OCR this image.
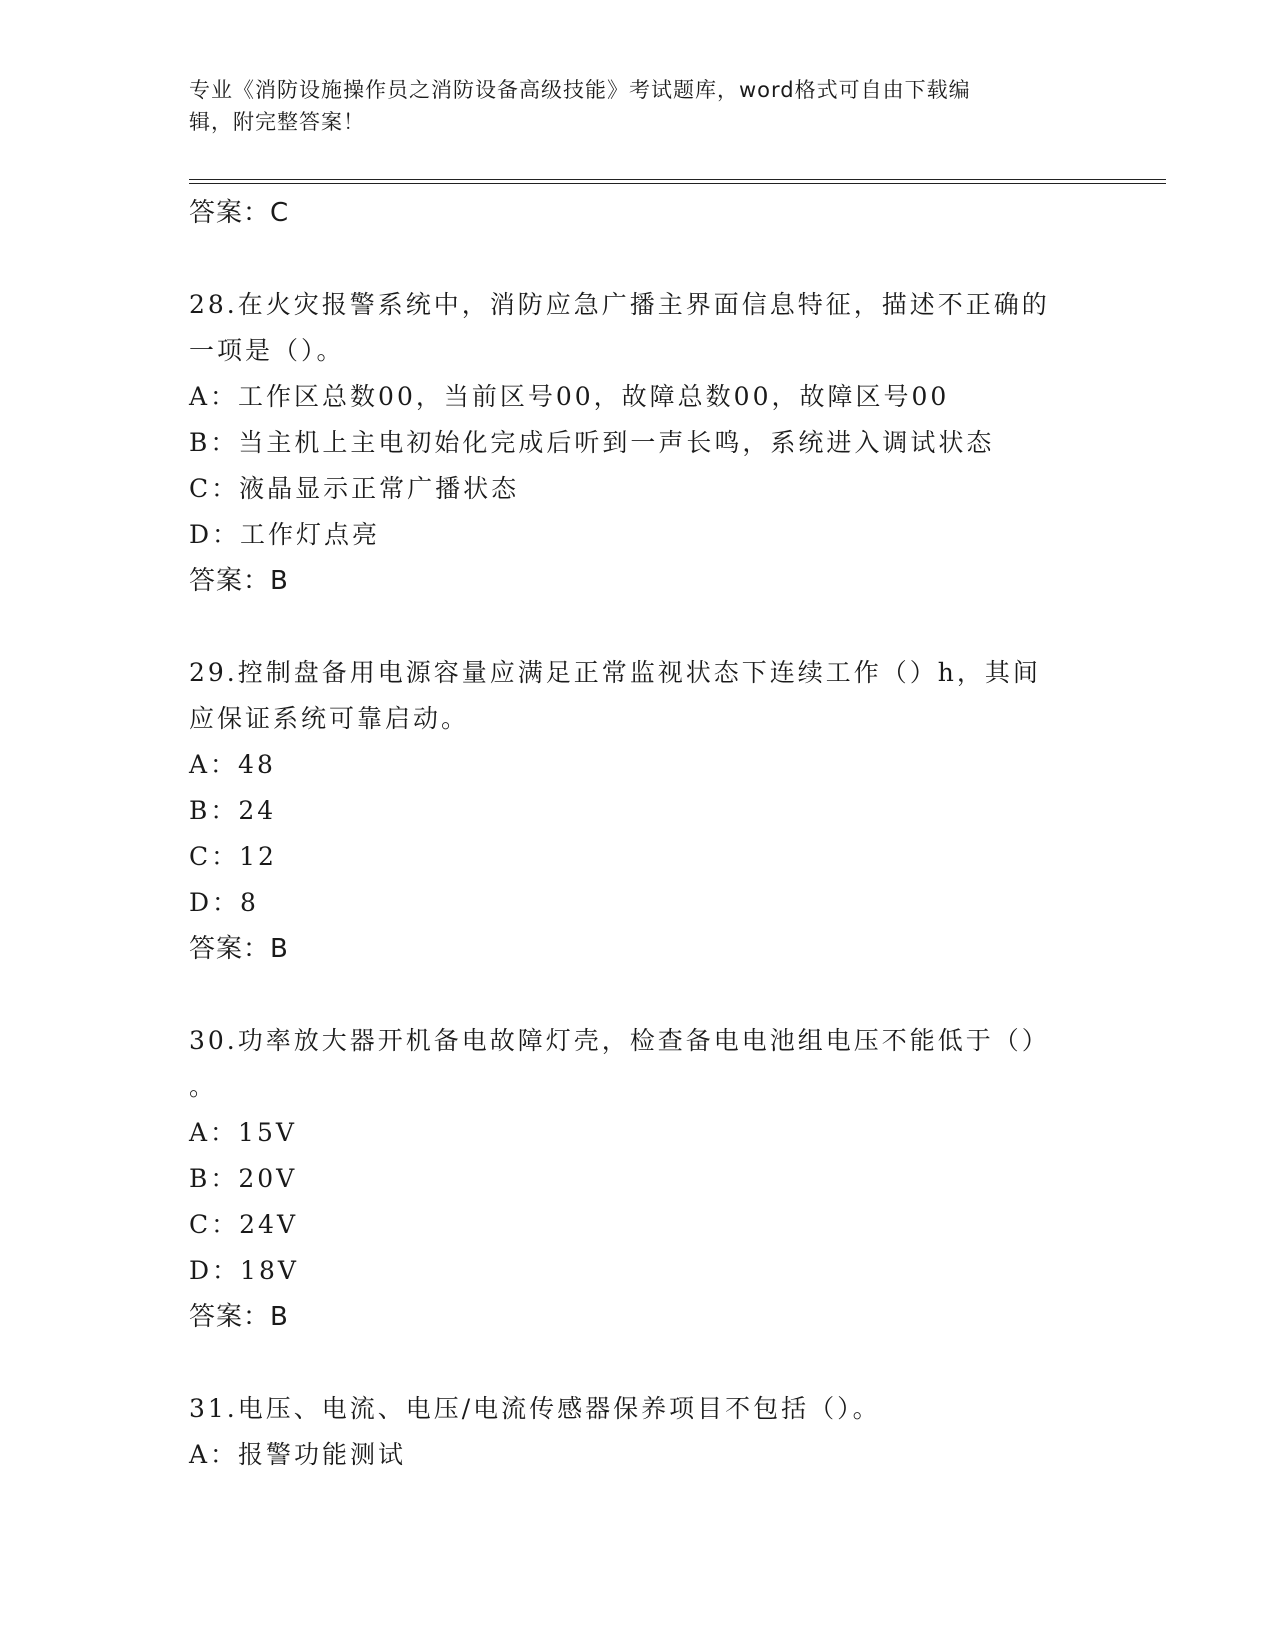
专业《消防设施操作员之消防设备高级技能》考试题库，word格式可自由下载编
辑，附完整答案！
答案：C
28.在火灾报警系统中，消防应急广播主界面信息特征，描述不正确的
一项是（）。
A：工作区总数00，当前区号00，故障总数00，故障区号00
B：当主机上主电初始化完成后听到一声长鸣，系统进入调试状态
C：液晶显示正常广播状态
D：工作灯点亮
答案：B
29.控制盘备用电源容量应满足正常监视状态下连续工作（）h，其间
应保证系统可靠启动。
A：48
B：24
C：12
D：8
答案：B
30.功率放大器开机备电故障灯壳，检查备电电池组电压不能低于（）
。
A：15V
B：20V
C：24V
D：18V
答案：B
31.电压、电流、电压/电流传感器保养项目不包括（）。
A：报警功能测试
